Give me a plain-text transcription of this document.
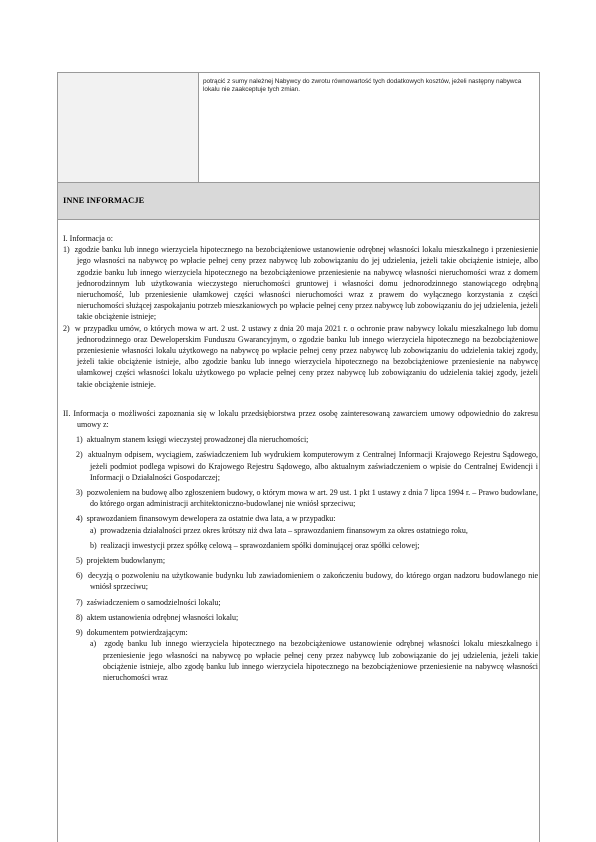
potrącić z sumy należnej Nabywcy do zwrotu równowartość tych dodatkowych kosztów, jeżeli następny nabywca lokalu nie zaakceptuje tych zmian.
INNE INFORMACJE

I. Informacja o:

1) zgodzie banku lub innego wierzyciela hipotecznego na bezobciążeniowe ustanowienie odrębnej własności lokalu mieszkalnego i przeniesienie jego własności na nabywcę po wpłacie pełnej ceny przez nabywcę lub zobowiązaniu do jej udzielenia, jeżeli takie obciążenie istnieje, albo zgodzie banku lub innego wierzyciela hipotecznego na bezobciążeniowe przeniesienie na nabywcę własności nieruchomości wraz z domem jednorodzinnym lub użytkowania wieczystego nieruchomości gruntowej i własności domu jednorodzinnego stanowiącego odrębną nieruchomość, lub przeniesienie ułamkowej części własności nieruchomości wraz z prawem do wyłącznego korzystania z części nieruchomości służącej zaspokajaniu potrzeb mieszkaniowych po wpłacie pełnej ceny przez nabywcę lub zobowiązaniu do jej udzielenia, jeżeli takie obciążenie istnieje;

2) w przypadku umów, o których mowa w art. 2 ust. 2 ustawy z dnia 20 maja 2021 r. o ochronie praw nabywcy lokalu mieszkalnego lub domu jednorodzinnego oraz Deweloperskim Funduszu Gwarancyjnym, o zgodzie banku lub innego wierzyciela hipotecznego na bezobciążeniowe przeniesienie własności lokalu użytkowego na nabywcę po wpłacie pełnej ceny przez nabywcę lub zobowiązaniu do udzielenia takiej zgody, jeżeli takie obciążenie istnieje, albo zgodzie banku lub innego wierzyciela hipotecznego na bezobciążeniowe przeniesienie na nabywcę ułamkowej części własności lokalu użytkowego po wpłacie pełnej ceny przez nabywcę lub zobowiązaniu do udzielenia takiej zgody, jeżeli takie obciążenie istnieje.

II. Informacja o możliwości zapoznania się w lokalu przedsiębiorstwa przez osobę zainteresowaną zawarciem umowy odpowiednio do zakresu umowy z:

1) aktualnym stanem księgi wieczystej prowadzonej dla nieruchomości;

2) aktualnym odpisem, wyciągiem, zaświadczeniem lub wydrukiem komputerowym z Centralnej Informacji Krajowego Rejestru Sądowego, jeżeli podmiot podlega wpisowi do Krajowego Rejestru Sądowego, albo aktualnym zaświadczeniem o wpisie do Centralnej Ewidencji i Informacji o Działalności Gospodarczej;

3) pozwoleniem na budowę albo zgłoszeniem budowy, o którym mowa w art. 29 ust. 1 pkt 1 ustawy z dnia 7 lipca 1994 r. – Prawo budowlane, do którego organ administracji architektoniczno-budowlanej nie wniósł sprzeciwu;

4) sprawozdaniem finansowym dewelopera za ostatnie dwa lata, a w przypadku:

a) prowadzenia działalności przez okres krótszy niż dwa lata – sprawozdaniem finansowym za okres ostatniego roku,

b) realizacji inwestycji przez spółkę celową – sprawozdaniem spółki dominującej oraz spółki celowej;

5) projektem budowlanym;

6) decyzją o pozwoleniu na użytkowanie budynku lub zawiadomieniem o zakończeniu budowy, do którego organ nadzoru budowlanego nie wniósł sprzeciwu;

7) zaświadczeniem o samodzielności lokalu;

8) aktem ustanowienia odrębnej własności lokalu;

9) dokumentem potwierdzającym:

a) zgodę banku lub innego wierzyciela hipotecznego na bezobciążeniowe ustanowienie odrębnej własności lokalu mieszkalnego i przeniesienie jego własności na nabywcę po wpłacie pełnej ceny przez nabywcę lub zobowiązanie do jej udzielenia, jeżeli takie obciążenie istnieje, albo zgodę banku lub innego wierzyciela hipotecznego na bezobciążeniowe przeniesienie na nabywcę własności nieruchomości wraz
